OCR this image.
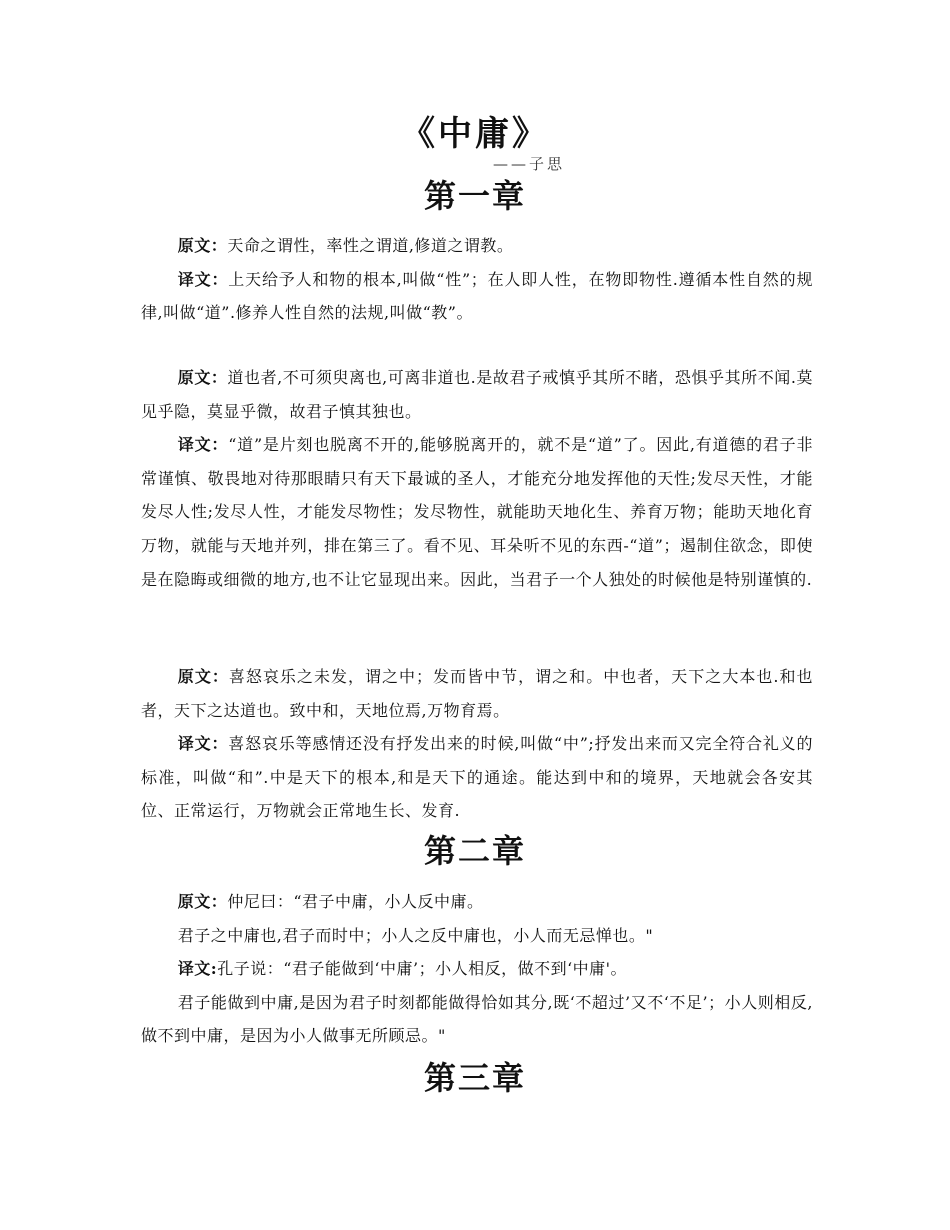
《中庸》
——子思
第一章

原文：天命之谓性，率性之谓道,修道之谓教。

译文：上天给予人和物的根本,叫做“性”；在人即人性，在物即物性.遵循本性自然的规律,叫做“道”.修养人性自然的法规,叫做“教”。

原文：道也者,不可须臾离也,可离非道也.是故君子戒慎乎其所不睹，恐惧乎其所不闻.莫见乎隐，莫显乎微，故君子慎其独也。

译文：“道”是片刻也脱离不开的,能够脱离开的，就不是“道”了。因此,有道德的君子非常谨慎、敬畏地对待那眼睛只有天下最诚的圣人，才能充分地发挥他的天性;发尽天性，才能发尽人性;发尽人性，才能发尽物性；发尽物性，就能助天地化生、养育万物；能助天地化育万物，就能与天地并列，排在第三了。看不见、耳朵听不见的东西-“道”；遏制住欲念，即使是在隐晦或细微的地方,也不让它显现出来。因此，当君子一个人独处的时候他是特别谨慎的.

原文：喜怒哀乐之未发，谓之中；发而皆中节，谓之和。中也者，天下之大本也.和也者，天下之达道也。致中和，天地位焉,万物育焉。

译文：喜怒哀乐等感情还没有抒发出来的时候,叫做“中”;抒发出来而又完全符合礼义的标准，叫做“和”.中是天下的根本,和是天下的通途。能达到中和的境界，天地就会各安其位、正常运行，万物就会正常地生长、发育.

第二章

原文：仲尼曰：“君子中庸，小人反中庸。

君子之中庸也,君子而时中；小人之反中庸也，小人而无忌惮也。"

译文:孔子说：“君子能做到‘中庸’；小人相反，做不到‘中庸'。

君子能做到中庸,是因为君子时刻都能做得恰如其分,既‘不超过’又不‘不足’；小人则相反,做不到中庸，是因为小人做事无所顾忌。"

第三章
